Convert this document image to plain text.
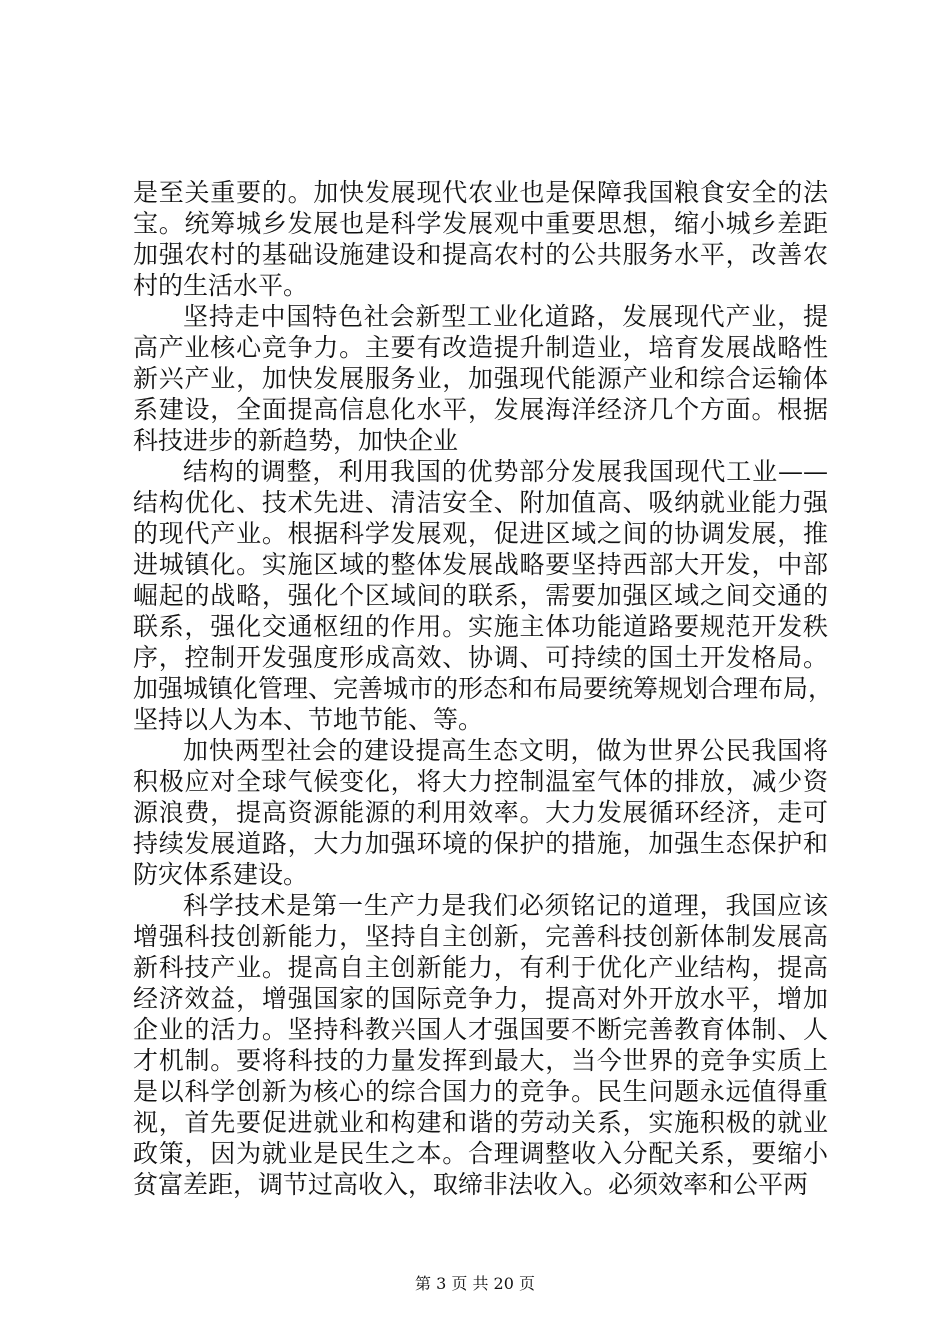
是至关重要的。加快发展现代农业也是保障我国粮食安全的法
宝。统筹城乡发展也是科学发展观中重要思想，缩小城乡差距
加强农村的基础设施建设和提高农村的公共服务水平，改善农
村的生活水平。
坚持走中国特色社会新型工业化道路，发展现代产业，提
高产业核心竞争力。主要有改造提升制造业，培育发展战略性
新兴产业，加快发展服务业，加强现代能源产业和综合运输体
系建设，全面提高信息化水平，发展海洋经济几个方面。根据
科技进步的新趋势，加快企业
结构的调整，利用我国的优势部分发展我国现代工业——
结构优化、技术先进、清洁安全、附加值高、吸纳就业能力强
的现代产业。根据科学发展观，促进区域之间的协调发展，推
进城镇化。实施区域的整体发展战略要坚持西部大开发，中部
崛起的战略，强化个区域间的联系，需要加强区域之间交通的
联系，强化交通枢纽的作用。实施主体功能道路要规范开发秩
序，控制开发强度形成高效、协调、可持续的国土开发格局。
加强城镇化管理、完善城市的形态和布局要统筹规划合理布局，
坚持以人为本、节地节能、等。
加快两型社会的建设提高生态文明，做为世界公民我国将
积极应对全球气候变化，将大力控制温室气体的排放，减少资
源浪费，提高资源能源的利用效率。大力发展循环经济，走可
持续发展道路，大力加强环境的保护的措施，加强生态保护和
防灾体系建设。
科学技术是第一生产力是我们必须铭记的道理，我国应该
增强科技创新能力，坚持自主创新，完善科技创新体制发展高
新科技产业。提高自主创新能力，有利于优化产业结构，提高
经济效益，增强国家的国际竞争力，提高对外开放水平，增加
企业的活力。坚持科教兴国人才强国要不断完善教育体制、人
才机制。要将科技的力量发挥到最大，当今世界的竞争实质上
是以科学创新为核心的综合国力的竞争。民生问题永远值得重
视，首先要促进就业和构建和谐的劳动关系，实施积极的就业
政策，因为就业是民生之本。合理调整收入分配关系，要缩小
贫富差距，调节过高收入，取缔非法收入。必须效率和公平两
第 3 页 共 20 页
